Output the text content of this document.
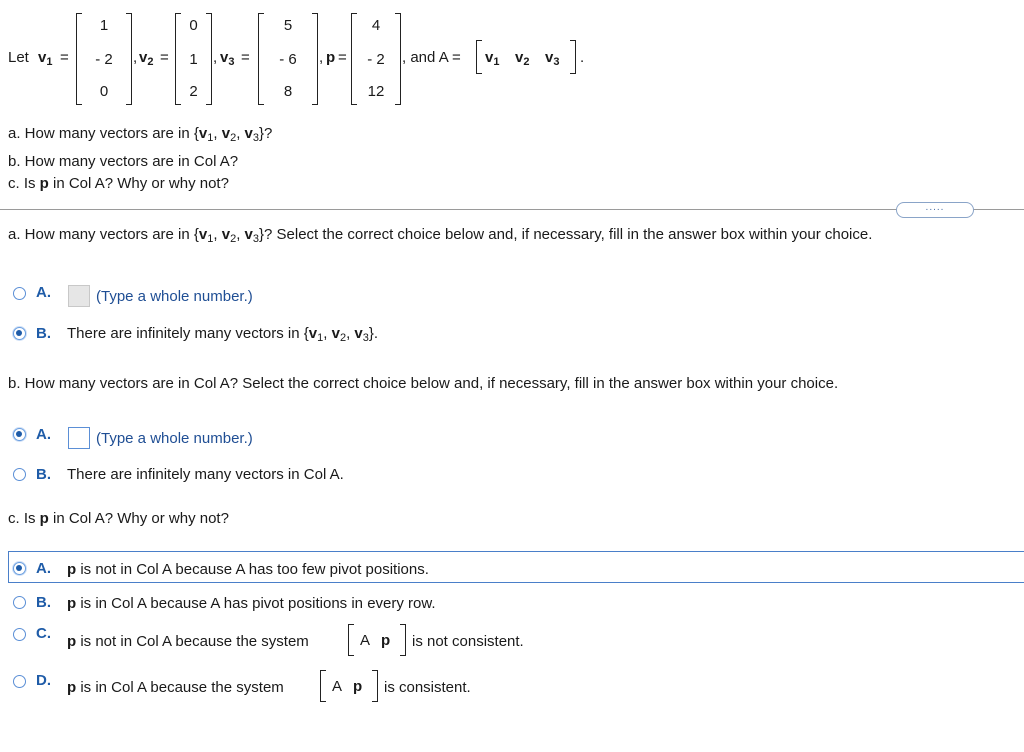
Let $v_1$ =
1
- 2
0
, $v_2$ =
0
1
2
, $v_3$ =
5
- 6
8
, p =
4
- 2
12
, and $A = v_1$ $v_2$ $v_3$ .
a. How many vectors are in {$v_1$, $v_2$, $v_3$}?
b. How many vectors are in Col A?
c. Is p in Col A? Why or why not?
.....
a. How many vectors are in {$v_1$, $v_2$, $v_3$}? Select the correct choice below and, if necessary, fill in the answer box within your choice.
A.	(Type a whole number.)
B. There are infinitely many vectors in {$v_1$, $v_2$, $v_3$}.
b. How many vectors are in Col A? Select the correct choice below and, if necessary, fill in the answer box within your choice.
A.	(Type a whole number.)
B. There are infinitely many vectors in Col A.
c. Is p in Col A? Why or why not?
A. p is not in Col A because A has too few pivot positions.
B. p is in Col A because A has pivot positions in every row.
C. p is not in Col A because the system	A p is not consistent.
D. p is in Col A because the system	A p is consistent.
